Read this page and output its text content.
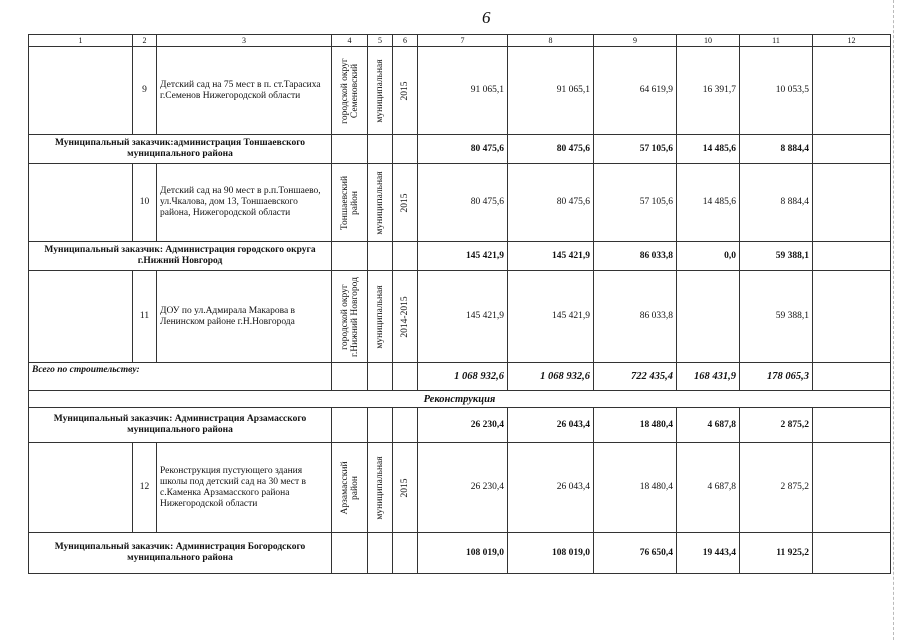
6
1	2	3	4	5	6	7	8	9	10	11	12
	9	Детский сад на 75 мест в п. ст.Тарасиха г.Семенов Нижегородской области	городской округ Семеновский	муниципальная	2015	91 065,1	91 065,1	64 619,9	16 391,7	10 053,5	
Муниципальный заказчик:администрация Тоншаевского муниципального района						80 475,6	80 475,6	57 105,6	14 485,6	8 884,4	
	10	Детский сад на 90 мест в р.п.Тоншаево, ул.Чкалова, дом 13, Тоншаевского района, Нижегородской области	Тоншаевский район	муниципальная	2015	80 475,6	80 475,6	57 105,6	14 485,6	8 884,4	
Муниципальный заказчик: Администрация городского округа г.Нижний Новгород						145 421,9	145 421,9	86 033,8	0,0	59 388,1	
	11	ДОУ по ул.Адмирала Макарова в Ленинском районе г.Н.Новгорода	городской округ г.Нижний Новгород	муниципальная	2014-2015	145 421,9	145 421,9	86 033,8		59 388,1	
Всего по строительству:						1 068 932,6	1 068 932,6	722 435,4	168 431,9	178 065,3	
Реконструкция											
Муниципальный заказчик: Администрация Арзамасского муниципального района						26 230,4	26 043,4	18 480,4	4 687,8	2 875,2	
	12	Реконструкция пустующего здания школы под детский сад на 30 мест в с.Каменка Арзамасского района Нижегородской области	Арзамасский район	муниципальная	2015	26 230,4	26 043,4	18 480,4	4 687,8	2 875,2	
Муниципальный заказчик: Администрация Богородского муниципального района						108 019,0	108 019,0	76 650,4	19 443,4	11 925,2	
